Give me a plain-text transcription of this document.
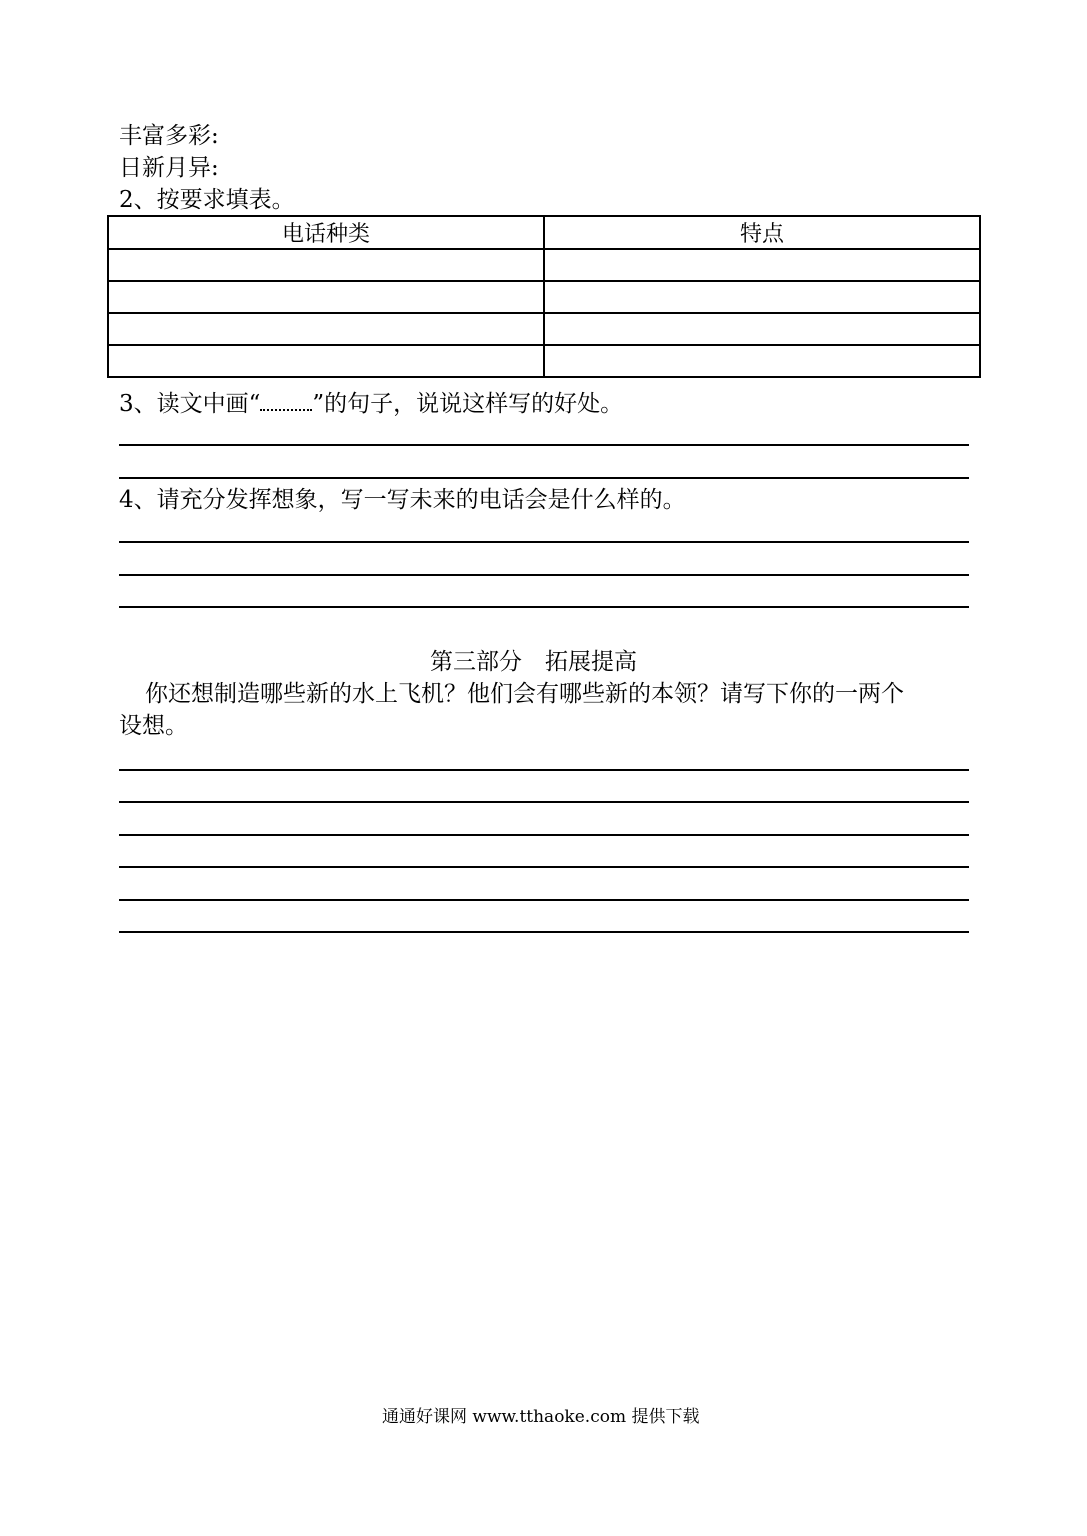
丰富多彩:
日新月异:
2、按要求填表。
电话种类	特点

3、读文中画“ ”的句子，说说这样写的好处。
4、请充分发挥想象，写一写未来的电话会是什么样的。
第三部分　拓展提高
你还想制造哪些新的水上飞机？他们会有哪些新的本领？请写下你的一两个
设想。
通通好课网 www.tthaoke.com 提供下载
